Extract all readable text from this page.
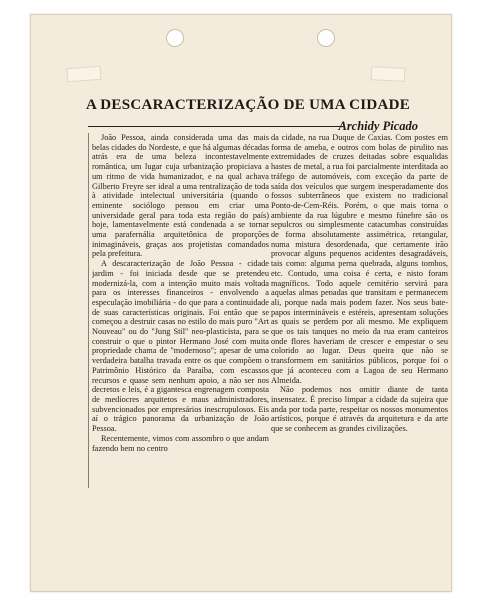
A DESCARACTERIZAÇÃO DE UMA CIDADE
Archidy Picado

João Pessoa, ainda considerada uma das mais belas cidades do Nordeste, e que há algumas décadas atrás era de uma beleza incontestavelmente romântica, um lugar cuja urbanização propiciava a um ritmo de vida humanizador, e na qual achava Gilberto Freyre ser ideal a uma rentralização de toda à atividade intelectual universitária (quando o eminente sociólogo pensou em criar uma universidade geral para toda esta região do país) hoje, lamentavelmente está condenada a se tornar uma parafernália arquitetônica de proporções inimagináveis, graças aos projetistas comandados pela prefeitura.

A descaracterização de João Pessoa - cidade jardim - foi iniciada desde que se pretendeu modernizá-la, com a intenção muito mais voltada para os interesses financeiros - envolvendo a especulação imobiliária - do que para a continuidade de suas características originais. Foi então que se começou a destruir casas no estilo do mais puro "Art Nouveau" ou do "Jung Stil" neo-plasticista, para se construir o que o pintor Hermano José com muita propriedade chama de "modernoso"; apesar de uma verdadeira batalha travada entre os que compõem o Patrimônio Histórico da Paraíba, com escassos recursos e quase sem nenhum apoio, a não ser nos decretos e leis, é a gigantesca engrenagem composta de medíocres arquitetos e maus administradores, subvencionados por empresários inescrupulosos. Eis aí o trágico panorama da urbanização de João Pessoa.

Recentemente, vimos com assombro o que andam fazendo bem no centro

da cidade, na rua Duque de Caxias. Com postes em forma de ameba, e outros com bolas de pirulito nas extremidades de cruzes deitadas sobre esqualidas hastes de metal, a rua foi parcialmente interditada ao tráfego de automóveis, com exceção da parte de saída dos veículos que surgem inesperadamente dos fossos subterrâneos que existem no tradicional Ponto-de-Cem-Réis. Porém, o que mais torna o ambiente da rua lúgubre e mesmo fúnebre são os sepulcros ou simplesmente catacumbas construídas de forma absolutamente assimétrica, retangular, numa mistura desordenada, que certamente irão provocar alguns pequenos acidentes desagradáveis, tais como: alguma perna quebrada, alguns tombos, etc. Contudo, uma coisa é certa, e nisto foram magníficos. Todo aquele cemitério servirá para aquelas almas penadas que transitam e permanecem ali, porque nada mais podem fazer. Nos seus bate-papos intermináveis e estéreis, apresentam soluções as quais se perdem por ali mesmo. Me expliquem que os tais tanques no meio da rua eram canteiros onde flores haveriam de crescer e empestar o seu colorido ao lugar. Deus queira que não se transformem em sanitários públicos, porque foi o que já aconteceu com a Lagoa de seu Hermano Almeida.

Não podemos nos omitir diante de tanta insensatez. É preciso limpar a cidade da sujeira que anda por toda parte, respeitar os nossos monumentos artísticos, porque é através da arquitetura e da arte que se conhecem as grandes civilizações.
